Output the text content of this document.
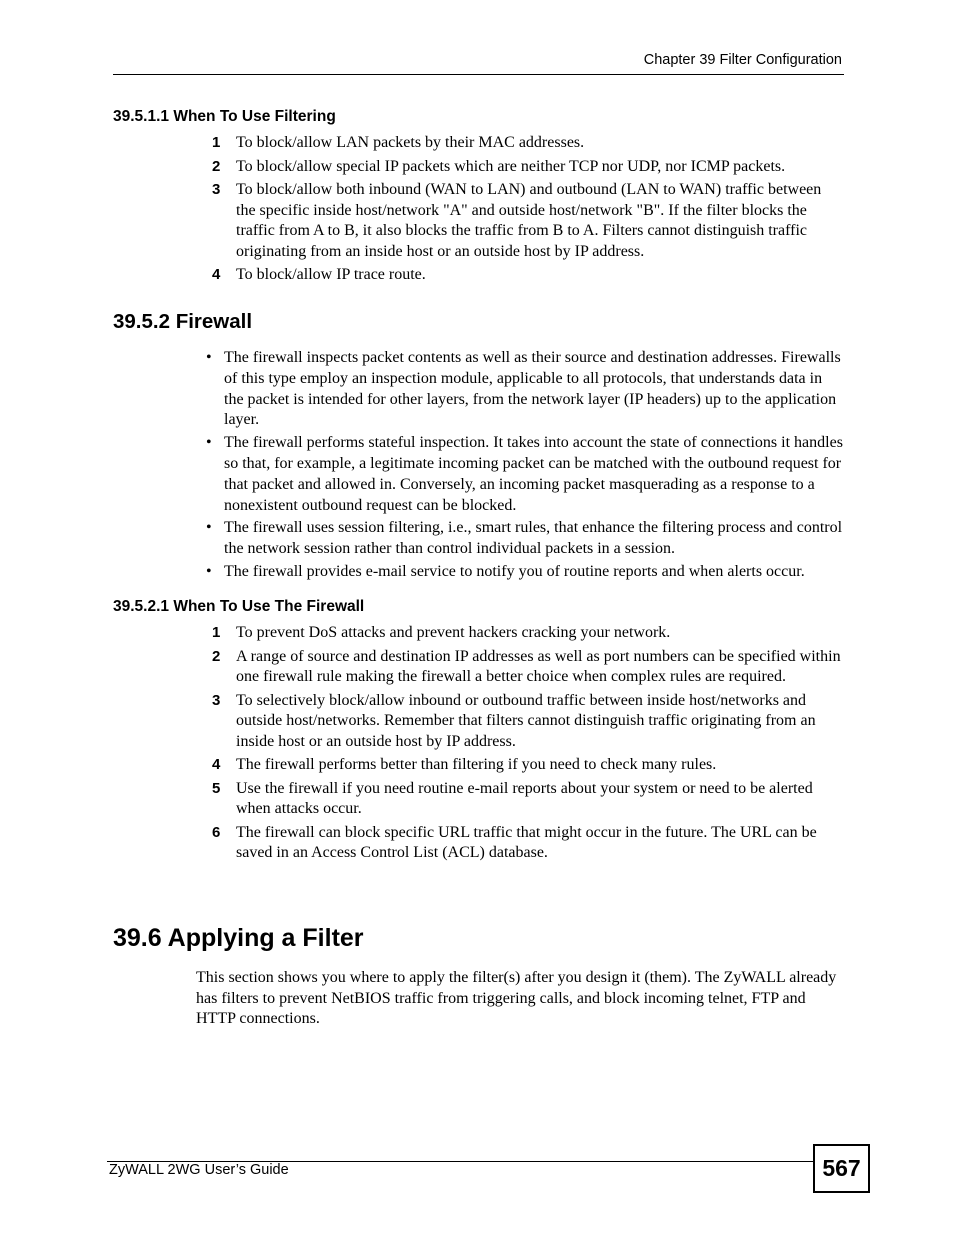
Chapter 39 Filter Configuration
39.5.1.1 When To Use Filtering
1 To block/allow LAN packets by their MAC addresses.
2 To block/allow special IP packets which are neither TCP nor UDP, nor ICMP packets.
3 To block/allow both inbound (WAN to LAN) and outbound (LAN to WAN) traffic between the specific inside host/network "A" and outside host/network "B". If the filter blocks the traffic from A to B, it also blocks the traffic from B to A. Filters cannot distinguish traffic originating from an inside host or an outside host by IP address.
4 To block/allow IP trace route.
39.5.2 Firewall
• The firewall inspects packet contents as well as their source and destination addresses. Firewalls of this type employ an inspection module, applicable to all protocols, that understands data in the packet is intended for other layers, from the network layer (IP headers) up to the application layer.
• The firewall performs stateful inspection. It takes into account the state of connections it handles so that, for example, a legitimate incoming packet can be matched with the outbound request for that packet and allowed in. Conversely, an incoming packet masquerading as a response to a nonexistent outbound request can be blocked.
• The firewall uses session filtering, i.e., smart rules, that enhance the filtering process and control the network session rather than control individual packets in a session.
• The firewall provides e-mail service to notify you of routine reports and when alerts occur.
39.5.2.1 When To Use The Firewall
1 To prevent DoS attacks and prevent hackers cracking your network.
2 A range of source and destination IP addresses as well as port numbers can be specified within one firewall rule making the firewall a better choice when complex rules are required.
3 To selectively block/allow inbound or outbound traffic between inside host/networks and outside host/networks. Remember that filters cannot distinguish traffic originating from an inside host or an outside host by IP address.
4 The firewall performs better than filtering if you need to check many rules.
5 Use the firewall if you need routine e-mail reports about your system or need to be alerted when attacks occur.
6 The firewall can block specific URL traffic that might occur in the future. The URL can be saved in an Access Control List (ACL) database.
39.6 Applying a Filter
This section shows you where to apply the filter(s) after you design it (them). The ZyWALL already has filters to prevent NetBIOS traffic from triggering calls, and block incoming telnet, FTP and HTTP connections.
ZyWALL 2WG User’s Guide	567
